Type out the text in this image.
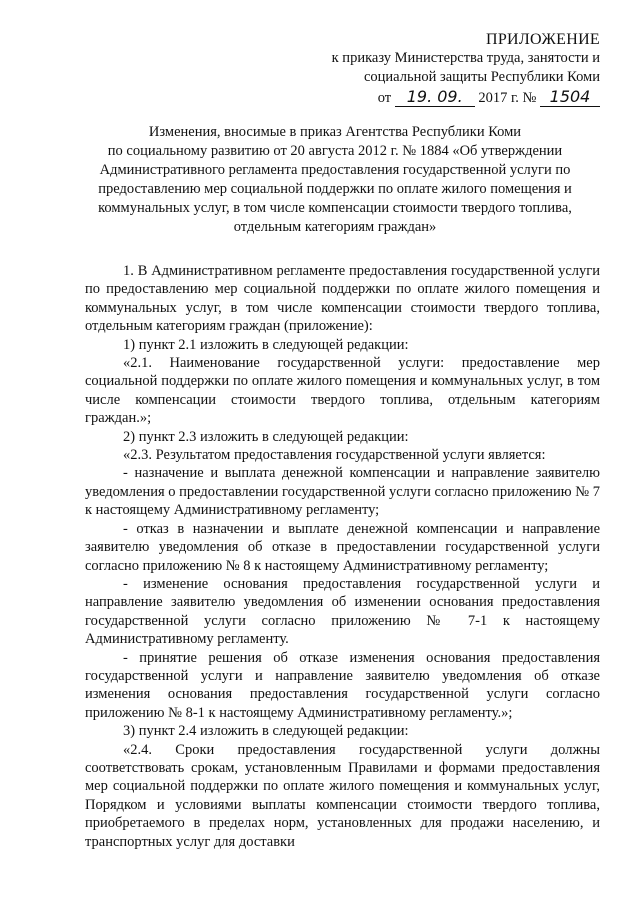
ПРИЛОЖЕНИЕ
к приказу Министерства труда, занятости и
социальной защиты Республики Коми
от 19. 09. 2017 г. № 1504
Изменения, вносимые в приказ Агентства Республики Коми
по социальному развитию от 20 августа 2012 г. № 1884 «Об утверждении
Административного регламента предоставления государственной услуги по
предоставлению мер социальной поддержки по оплате жилого помещения и
коммунальных услуг, в том числе компенсации стоимости твердого топлива,
отдельным категориям граждан»

1. В Административном регламенте предоставления государственной услуги по предоставлению мер социальной поддержки по оплате жилого помещения и коммунальных услуг, в том числе компенсации стоимости твердого топлива, отдельным категориям граждан (приложение):

1) пункт 2.1 изложить в следующей редакции:

«2.1. Наименование государственной услуги: предоставление мер социальной поддержки по оплате жилого помещения и коммунальных услуг, в том числе компенсации стоимости твердого топлива, отдельным категориям граждан.»;

2) пункт 2.3 изложить в следующей редакции:

«2.3. Результатом предоставления государственной услуги является:

- назначение и выплата денежной компенсации и направление заявителю уведомления о предоставлении государственной услуги согласно приложению № 7 к настоящему Административному регламенту;

- отказ в назначении и выплате денежной компенсации и направление заявителю уведомления об отказе в предоставлении государственной услуги согласно приложению № 8 к настоящему Административному регламенту;

- изменение основания предоставления государственной услуги и направление заявителю уведомления об изменении основания предоставления государственной услуги согласно приложению № 7-1 к настоящему Административному регламенту.

- принятие решения об отказе изменения основания предоставления государственной услуги и направление заявителю уведомления об отказе изменения основания предоставления государственной услуги согласно приложению № 8-1 к настоящему Административному регламенту.»;

3) пункт 2.4 изложить в следующей редакции:

«2.4. Сроки предоставления государственной услуги должны соответствовать срокам, установленным Правилами и формами предоставления мер социальной поддержки по оплате жилого помещения и коммунальных услуг, Порядком и условиями выплаты компенсации стоимости твердого топлива, приобретаемого в пределах норм, установленных для продажи населению, и транспортных услуг для доставки
